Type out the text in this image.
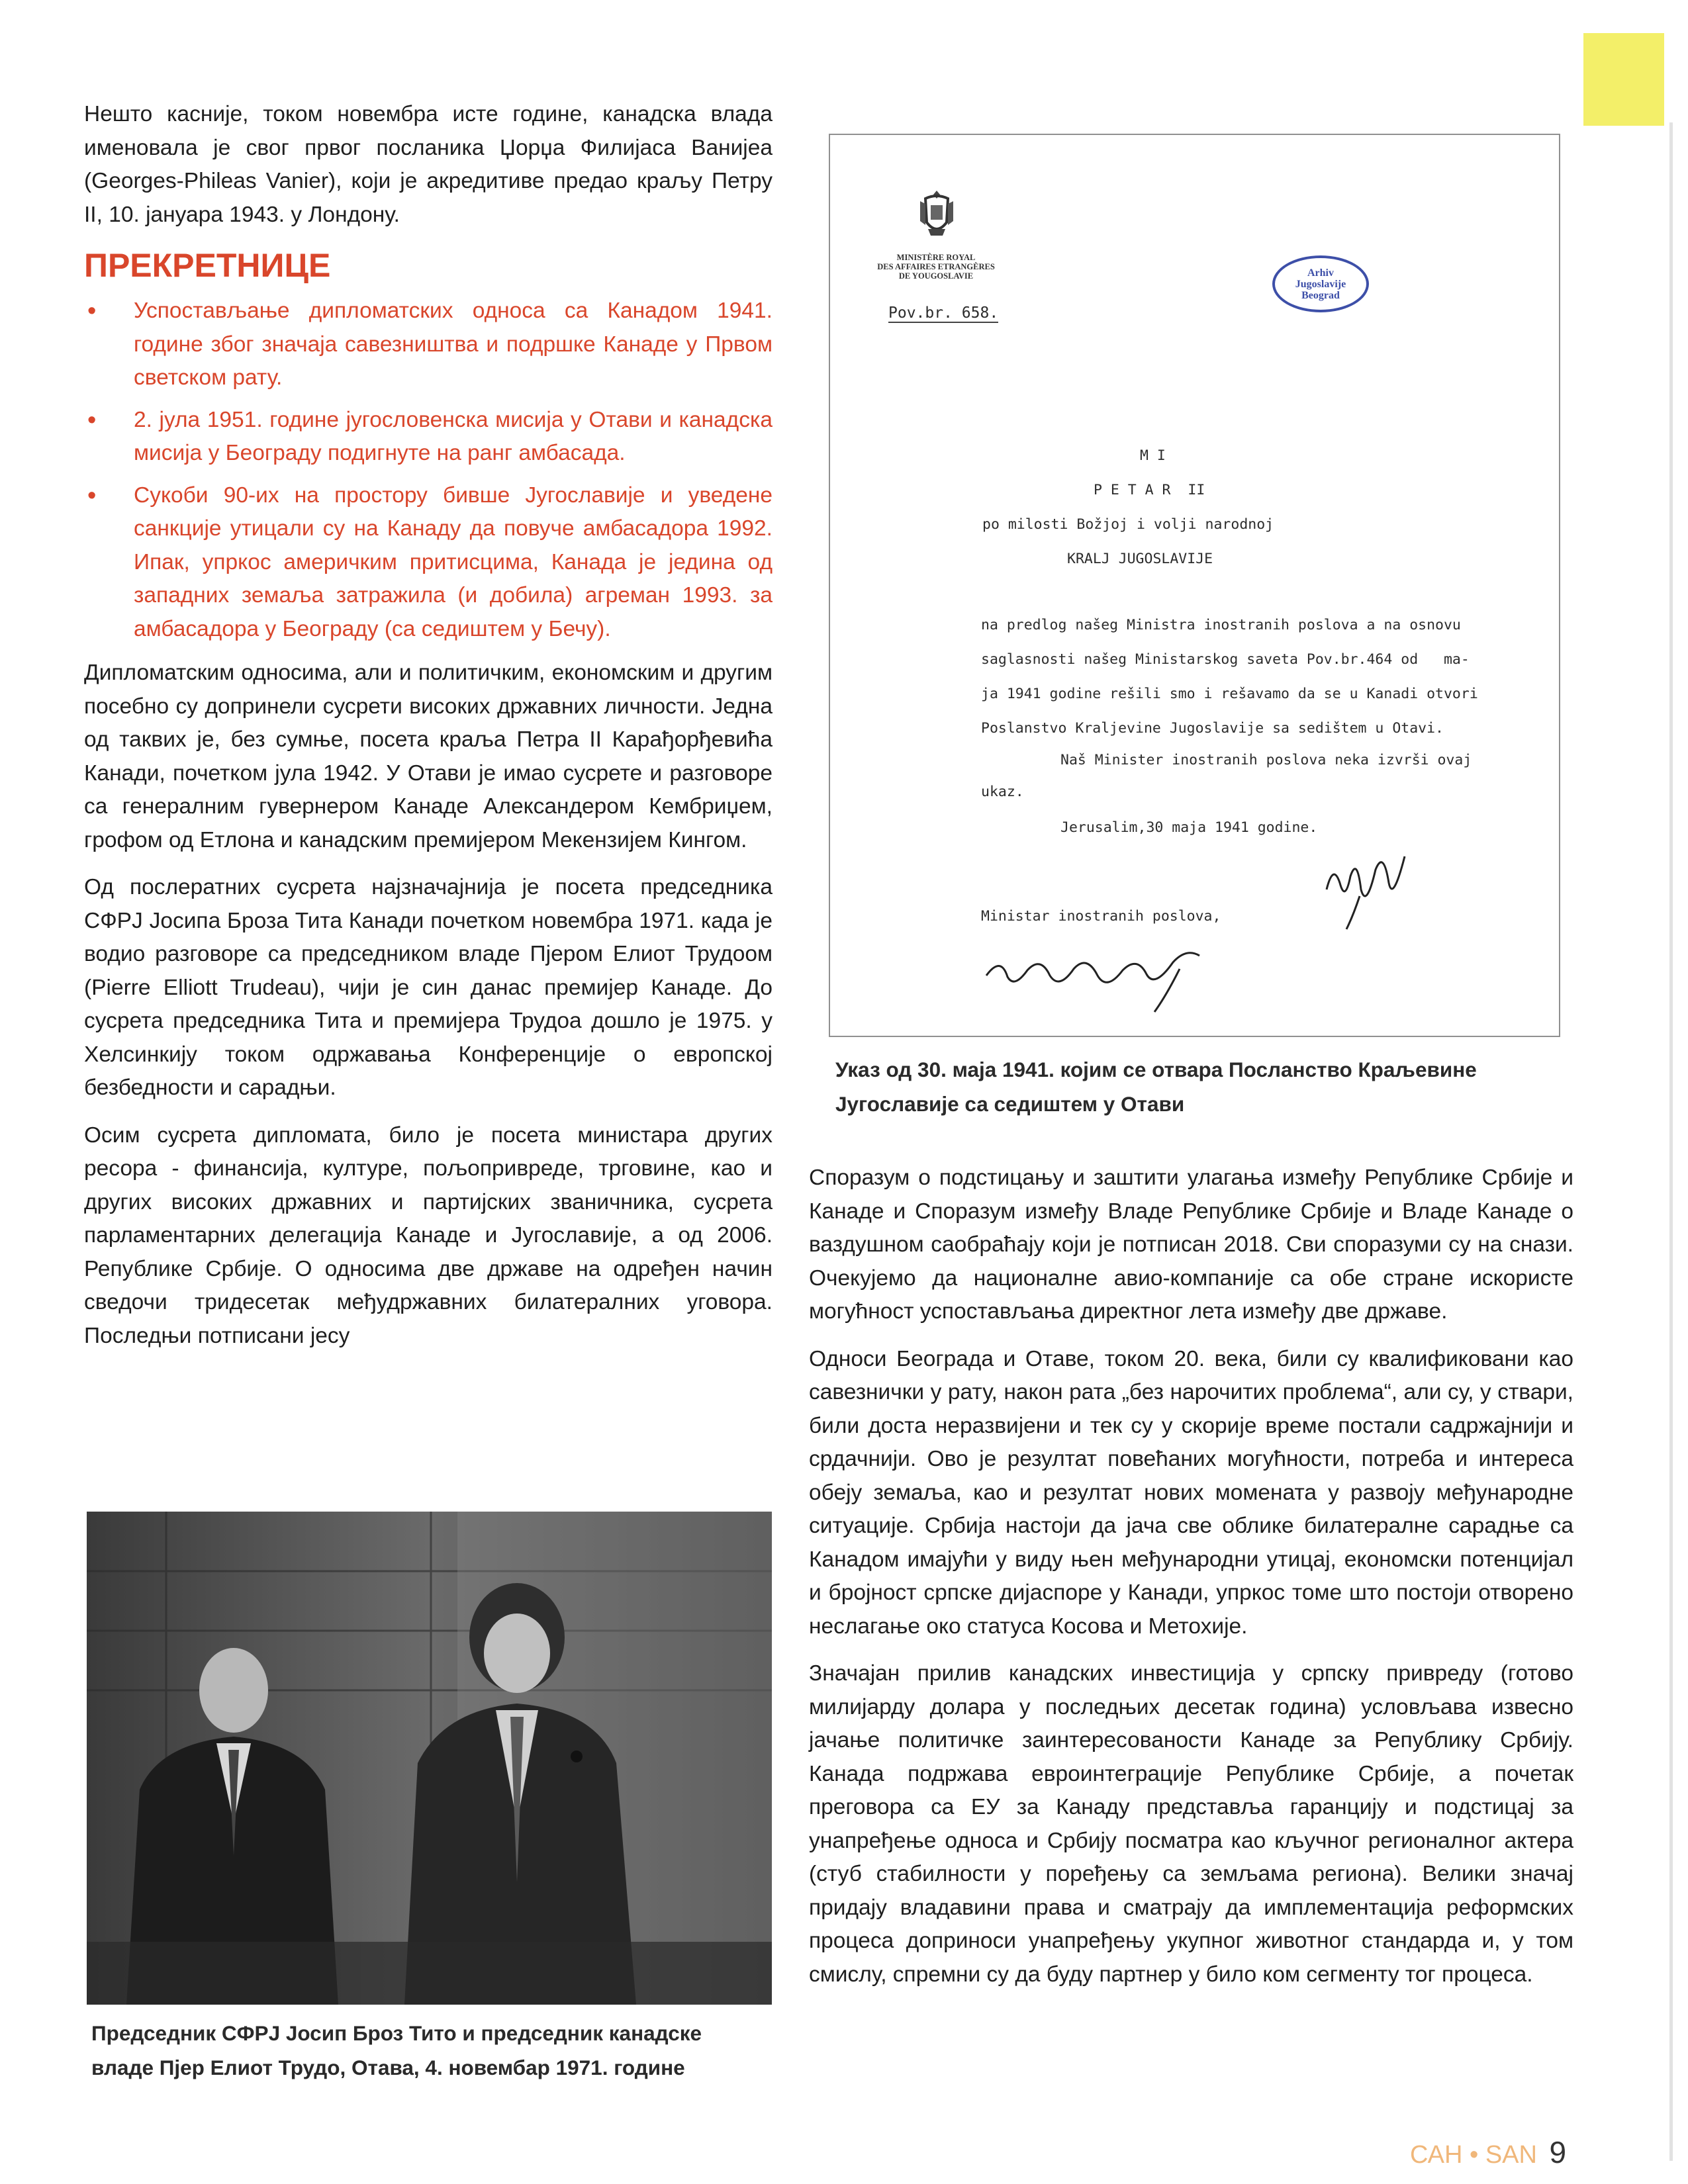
Нешто касније, током новембра исте године, канадска влада именовала је свог првог посланика Џорџа Филијаса Ванијеа (Georges-Phileas Vanier), који је акредитиве предао краљу Петру II, 10. јануара 1943. у Лондону.

ПРЕКРЕТНИЦЕ
• Успостављање дипломатских односа са Канадом 1941. године због значаја савезништва и подршке Канаде у Првом светском рату.
• 2. јула 1951. године југословенска мисија у Отави и канадска мисија у Београду подигнуте на ранг амбасада.
• Сукоби 90-их на простору бивше Југославије и уведене санкције утицали су на Канаду да повуче амбасадора 1992. Ипак, упркос америчким притисцима, Канада је једина од западних земаља затражила (и добила) агреман 1993. за амбасадора у Београду (са седиштем у Бечу).

Дипломатским односима, али и политичким, економским и другим посебно су допринели сусрети високих државних личности. Једна од таквих је, без сумње, посета краља Петра II Карађорђевића Канади, почетком јула 1942. У Отави је имао сусрете и разговоре са генералним гувернером Канаде Александером Кембриџем, грофом од Етлона и канадским премијером Мекензијем Кингом.

Од послератних сусрета најзначајнија је посета председника СФРЈ Јосипа Броза Тита Канади почетком новембра 1971. када је водио разговоре са председником владе Пјером Елиот Трудоом (Pierre Elliott Trudeau), чији је син данас премијер Канаде. До сусрета председника Тита и премијера Трудоа дошло је 1975. у Хелсинкију током одржавања Конференције о европској безбедности и сарадњи.

Осим сусрета дипломата, било је посета министара других ресора - финансија, културе, пољопривреде, трговине, као и других високих државних и партијских званичника, сусрета парламентарних делегација Канаде и Југославије, а од 2006. Републике Србије. О односима две државе на одређен начин сведочи тридесетак међудржавних билатералних уговора. Последњи потписани јесу

MINISTÈRE ROYAL
DES AFFAIRES ETRANGÈRES
DE YOUGOSLAVIE
Pov.br. 658.
Arhiv
Jugoslavije
Beograd
M I
P E T A R  II
po milosti Božjoj i volji narodnoj
KRALJ JUGOSLAVIJE
na predlog našeg Ministra inostranih poslova a na osnovu
saglasnosti našeg Ministarskog saveta Pov.br.464 od   ma-
ja 1941 godine rešili smo i rešavamo da se u Kanadi otvori
Poslanstvo Kraljevine Jugoslavije sa sedištem u Otavi.
Naš Minister inostranih poslova neka izvrši ovaj
ukaz.
Jerusalim,30 maja 1941 godine.
Ministar inostranih poslova,
Указ од 30. маја 1941. којим се отвара Посланство Краљевине
Југославије са седиштем у Отави

Споразум о подстицању и заштити улагања између Републике Србије и Канаде и Споразум између Владе Републике Србије и Владе Канаде о ваздушном саобраћају који је потписан 2018. Сви споразуми су на снази. Очекујемо да националне авио-компаније са обе стране искористе могућност успостављања директног лета између две државе.

Односи Београда и Отаве, током 20. века, били су квалификовани као савезнички у рату, након рата „без нарочитих проблема“, али су, у ствари, били доста неразвијени и тек су у скорије време постали садржајнији и срдачнији. Ово је резултат повећаних могућности, потреба и интереса обеју земаља, као и резултат нових момената у развоју међународне ситуације. Србија настоји да јача све облике билатералне сарадње са Канадом имајући у виду њен међународни утицај, економски потенцијал и бројност српске дијаспоре у Канади, упркос томе што постоји отворено неслагање око статуса Косова и Метохије.

Значајан прилив канадских инвестиција у српску привреду (готово милијарду долара у последњих десетак година) условљава извесно јачање политичке заинтересованости Канаде за Републику Србију. Канада подржава евроинтеграције Републике Србије, а почетак преговора са ЕУ за Канаду представља гаранцију и подстицај за унапређење односа и Србију посматра као кључног регионалног актера (стуб стабилности у поређењу са земљама региона). Велики значај придају владавини права и сматрају да имплементација реформских процеса доприноси унапређењу укупног животног стандарда и, у том смислу, спремни су да буду партнер у било ком сегменту тог процеса.

Председник СФРЈ Јосип Броз Тито и председник канадске
владе Пјер Елиот Трудо, Отава, 4. новембар 1971. године
САН • SAN 9
